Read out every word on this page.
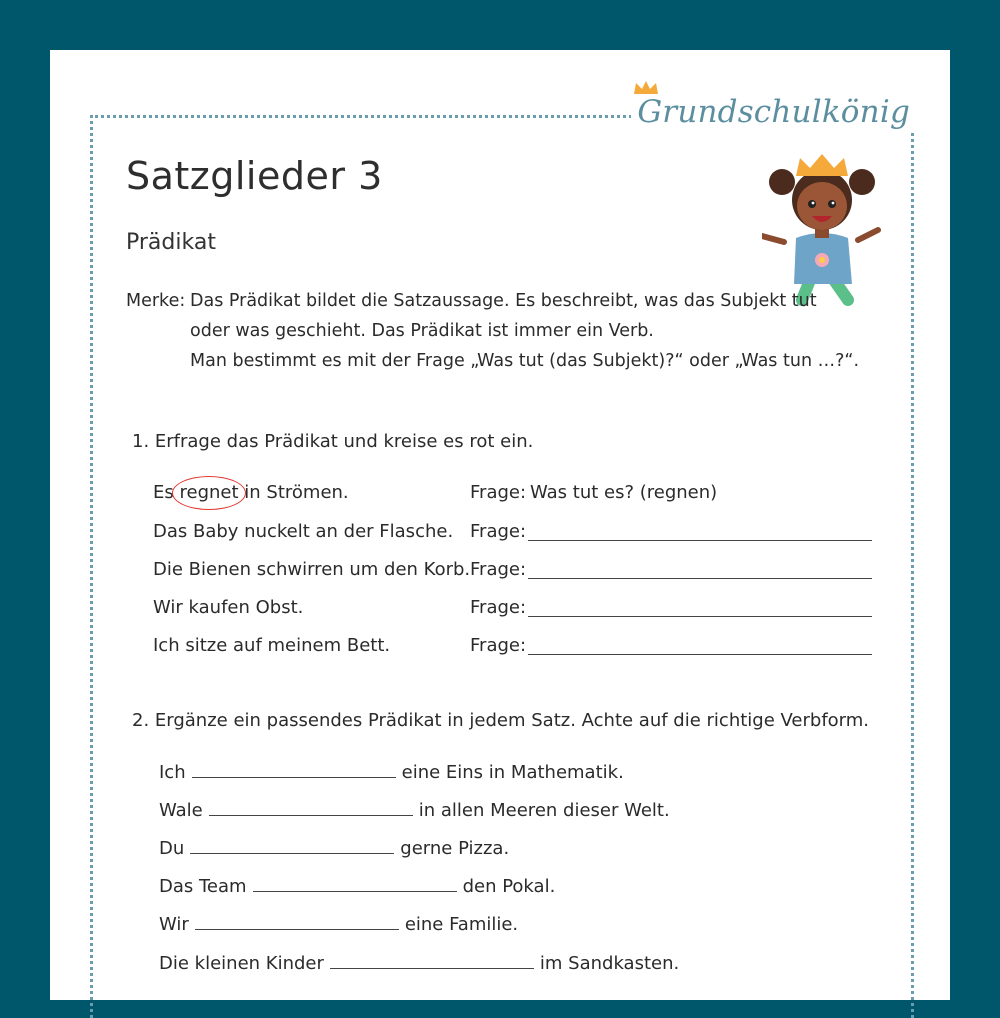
Grundschulkönig
Satzglieder 3
Prädikat
Merke: Das Prädikat bildet die Satzaussage. Es beschreibt, was das Subjekt tut
oder was geschieht. Das Prädikat ist immer ein Verb.
Man bestimmt es mit der Frage „Was tut (das Subjekt)?“ oder „Was tun …?“.
1. Erfrage das Prädikat und kreise es rot ein.
Es regnet in Strömen.	Frage: Was tut es? (regnen)
Das Baby nuckelt an der Flasche. Frage:
Die Bienen schwirren um den Korb. Frage:
Wir kaufen Obst.	Frage:
Ich sitze auf meinem Bett.	Frage:
2. Ergänze ein passendes Prädikat in jedem Satz. Achte auf die richtige Verbform.
Ich	eine Eins in Mathematik.
Wale	in allen Meeren dieser Welt.
Du	gerne Pizza.
Das Team	den Pokal.
Wir	eine Familie.
Die kleinen Kinder	im Sandkasten.
